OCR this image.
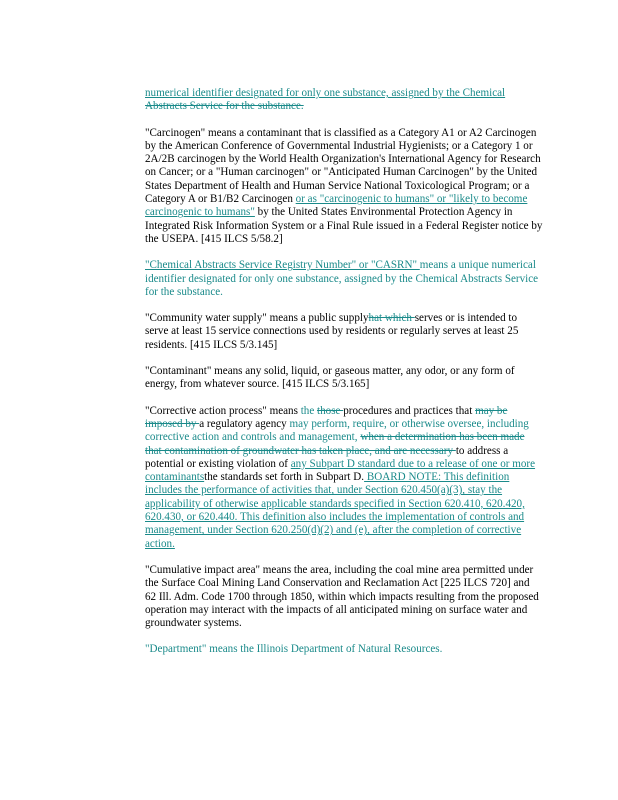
numerical identifier designated for only one substance, assigned by the Chemical Abstracts Service for the substance.

"Carcinogen" means a contaminant that is classified as a Category A1 or A2 Carcinogen by the American Conference of Governmental Industrial Hygienists; or a Category 1 or 2A/2B carcinogen by the World Health Organization's International Agency for Research on Cancer; or a "Human carcinogen" or "Anticipated Human Carcinogen" by the United States Department of Health and Human Service National Toxicological Program; or a Category A or B1/B2 Carcinogen or as "carcinogenic to humans" or "likely to become carcinogenic to humans" by the United States Environmental Protection Agency in Integrated Risk Information System or a Final Rule issued in a Federal Register notice by the USEPA. [415 ILCS 5/58.2]

"Chemical Abstracts Service Registry Number" or "CASRN" means a unique numerical identifier designated for only one substance, assigned by the Chemical Abstracts Service for the substance.

"Community water supply" means a public supplyhat which serves or is intended to serve at least 15 service connections used by residents or regularly serves at least 25 residents. [415 ILCS 5/3.145]

"Contaminant" means any solid, liquid, or gaseous matter, any odor, or any form of energy, from whatever source. [415 ILCS 5/3.165]

"Corrective action process" means the those procedures and practices that may be imposed by a regulatory agency may perform, require, or otherwise oversee, including corrective action and controls and management, when a determination has been made that contamination of groundwater has taken place, and are necessary to address a potential or existing violation of any Subpart D standard due to a release of one or more contaminantsthe standards set forth in Subpart D. BOARD NOTE: This definition includes the performance of activities that, under Section 620.450(a)(3), stay the applicability of otherwise applicable standards specified in Section 620.410, 620.420, 620.430, or 620.440. This definition also includes the implementation of controls and management, under Section 620.250(d)(2) and (e), after the completion of corrective action.

"Cumulative impact area" means the area, including the coal mine area permitted under the Surface Coal Mining Land Conservation and Reclamation Act [225 ILCS 720] and 62 Ill. Adm. Code 1700 through 1850, within which impacts resulting from the proposed operation may interact with the impacts of all anticipated mining on surface water and groundwater systems.

"Department" means the Illinois Department of Natural Resources.
